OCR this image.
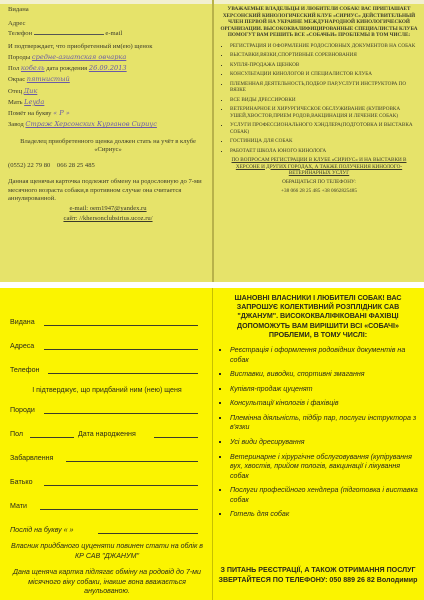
Видана
Адрес
Телефон	e-mail
И подтверждает, что приобретенный им(ею) щенок
Породы средне-азиатская овчарка
Пол кобель дата рождения 26.09.2013
Окрас пятнистый
Отец Дик
Мать Leyda
Помёт на букву « Р »
Завод Страж Херсонских Курганов Сириус
Владелец приобретенного щенка должен стать на учёт в клубе «Сириус»
(0552) 22 79 80 066 28 25 485
Данная щенячья карточка подлежит обмену на родословную до 7-ми месячного возраста собаки,в противном случае она считается аннулированной.
e-mail: oem1947@yandex.ru
сайт: //khersonclubsirius.ucoz.ru/
УВАЖАЕМЫЕ ВЛАДЕЛЬЦЫ И ЛЮБИТЕЛИ СОБАК! ВАС ПРИГЛАШАЕТ ХЕРСОНСКИЙ КИНОЛОГИЧЕСКИЙ КЛУБ «СИРИУС» ДЕЙСТВИТЕЛЬНЫЙ ЧЛЕН ПЕРВОЙ НА УКРАИНЕ МЕЖДУНАРОДНОЙ КИНОЛОГИЧЕСКОЙ ОРГАНИЗАЦИИ. ВЫСОКОКВАЛИФИЦИРОВАННЫЕ СПЕЦИАЛИСТЫ КЛУБА ПОМОГУТ ВАМ РЕШИТЬ ВСЕ «СОБАЧЬИ» ПРОБЛЕМЫ В ТОМ ЧИСЛЕ:
▪ РЕГИСТРАЦИЯ И ОФОРМЛЕНИЕ РОДОСЛОВНЫХ ДОКУМЕНТОВ НА СОБАК
▪ ВЫСТАВКИ,ВЯЗКИ,СПОРТИВНЫЕ СОРЕВНОВАНИЯ
▪ КУПЛЯ-ПРОДАЖА ЩЕНКОВ
▪ КОНСУЛЬТАЦИИ КИНОЛОГОВ И СПЕЦИАЛИСТОВ КЛУБА
▪ ПЛЕМЕННАЯ ДЕЯТЕЛЬНОСТЬ,ПОДБОР ПАР,УСЛУГИ ИНСТРУКТОРА ПО ВЯЗКЕ
▪ ВСЕ ВИДЫ ДРЕССИРОВКИ
▪ ВЕТЕРИНАРНОЕ И ХИРУРГИЧЕСКОЕ ОБСЛУЖИВАНИЕ (КУПИРОВКА УШЕЙ,ХВОСТОВ,ПРИЕМ РОДОВ,ВАКЦИНАЦИЯ И ЛЕЧЕНИЕ СОБАК)
▪ УСЛУГИ ПРОФЕССИОНАЛЬНОГО ХЭНДЛЕРА(ПОДГОТОВКА И ВЫСТАВКА СОБАК)
▪ ГОСТИНИЦА ДЛЯ СОБАК
▪ РАБОТАЕТ ШКОЛА ЮНОГО КИНОЛОГА
ПО ВОПРОСАМ РЕГИСТРАЦИИ В КЛУБЕ «СИРИУС» И НА ВЫСТАВКИ В ХЕРСОНЕ И ДРУГИХ ГОРОДАХ, А ТАКЖЕ ПОЛУЧЕНИЯ КИНОЛОГО-ВЕТЕРИНАРНЫХ УСЛУГ
ОБРАЩАТЬСЯ ПО ТЕЛЕФОНУ:
+38 066 28 25 485 +38 0662825485
Видана
Адреса
Телефон
І підтверджує, що придбаний ним (нею) щеня
Породи
Пол	Дата народження
Забарвлення
Батько
Мати
Послід на букву « »
Власник придбаного цуценяти повинен стати на облік в КР САВ "ДЖАНУМ"
Дана щеняча картка підлягає обміну на родовід до 7-ми місячного віку собаки, інакше вона вважається анульованою.
ШАНОВНІ ВЛАСНИКИ І ЛЮБИТЕЛІ СОБАК! ВАС ЗАПРОШУЄ КОЛЕКТИВНИЙ РОЗПЛІДНИК САВ "ДЖАНУМ". ВИСОКОКВАЛІФІКОВАНІ ФАХІВЦІ ДОПОМОЖУТЬ ВАМ ВИРІШИТИ ВСІ «СОБАЧІ» ПРОБЛЕМИ, В ТОМУ ЧИСЛІ:
▪ Реєстрація і оформлення родовідних документів на собак
▪ Виставки, виводки, спортивні змагання
▪ Купівля-продаж цуценят
▪ Консультації кінологів і фахівців
▪ Племінна діяльність, підбір пар, послуги інструктора з в'язки
▪ Усі види дресирування
▪ Ветеринарне і хірургічне обслуговування (купірування вух, хвостів, прийом пологів, вакцинації і лікування собак
▪ Послуги професійного хендлера (підготовка і виставка собак
▪ Готель для собак
З ПИТАНЬ РЕЄСТРАЦІЇ, А ТАКОЖ ОТРИМАННЯ ПОСЛУГ ЗВЕРТАЙТЕСЯ ПО ТЕЛЕФОНУ: 050 889 26 82 Володимир
